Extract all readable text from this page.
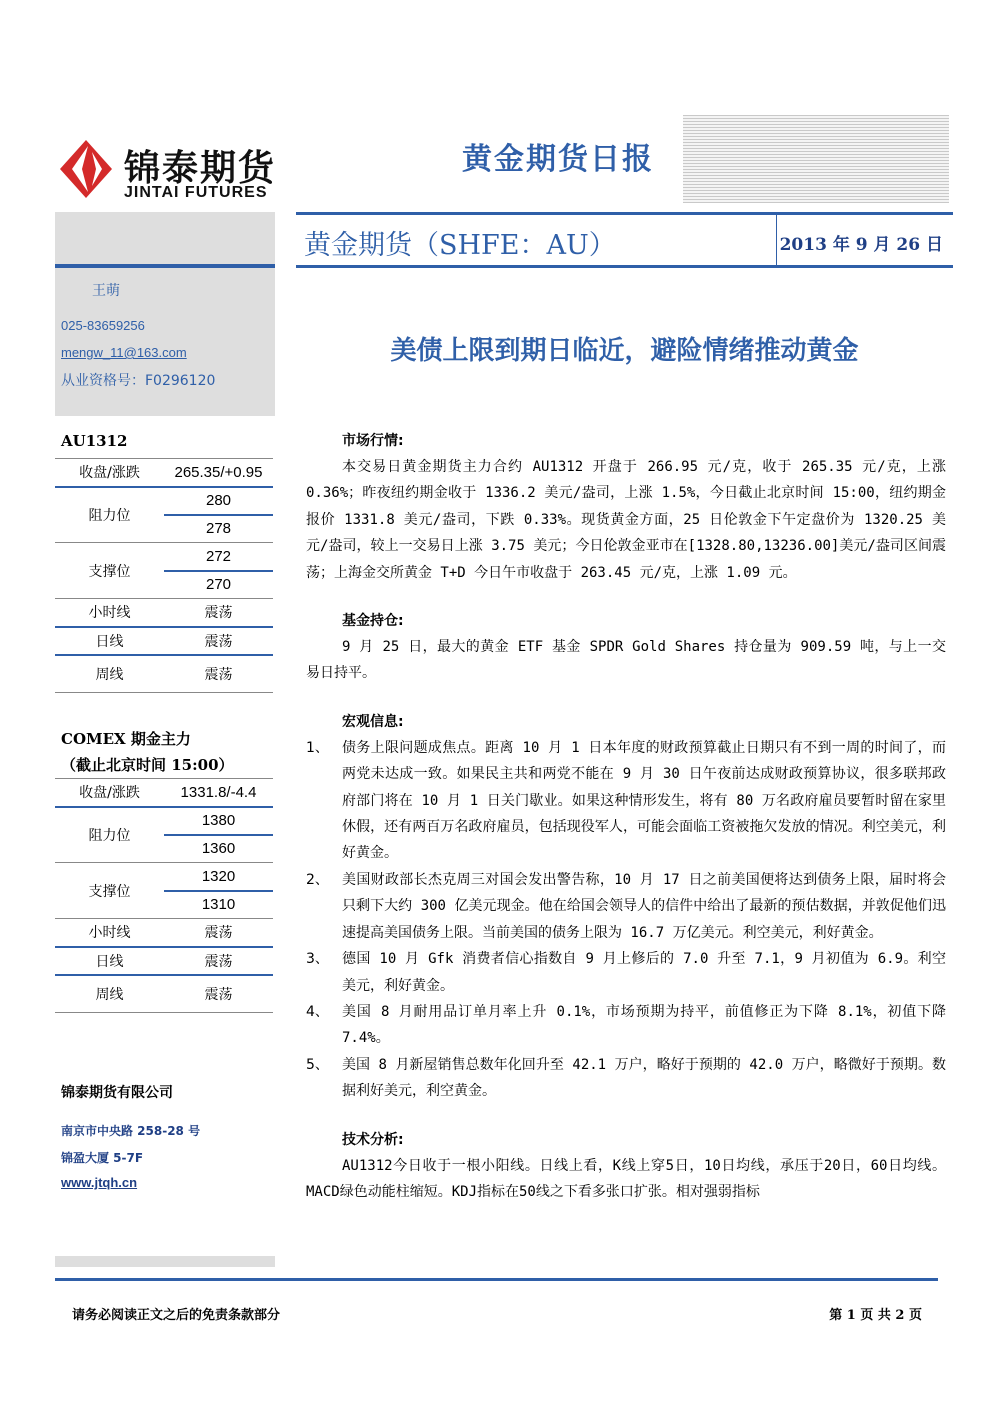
锦泰期货
JINTAI FUTURES
黄金期货日报
黄金期货（SHFE：AU）	2013 年 9 月 26 日
王萌
025-83659256
mengw_11@163.com
从业资格号：F0296120
AU1312
收盘/涨跌	265.35/+0.95
阻力位	280
	278
支撑位	272
	270
小时线	震荡
日线	震荡
周线	震荡
COMEX 期金主力
（截止北京时间 15:00）
收盘/涨跌	1331.8/-4.4
阻力位	1380
	1360
支撑位	1320
	1310
小时线	震荡
日线	震荡
周线	震荡
锦泰期货有限公司
南京市中央路 258-28 号
锦盈大厦 5-7F
www.jtqh.cn
美债上限到期日临近，避险情绪推动黄金
市场行情:
本交易日黄金期货主力合约 AU1312 开盘于 266.95 元/克，收于 265.35 元/克，上涨 0.36%；昨夜纽约期金收于 1336.2 美元/盎司，上涨 1.5%，今日截止北京时间 15:00，纽约期金报价 1331.8 美元/盎司，下跌 0.33%。现货黄金方面，25 日伦敦金下午定盘价为 1320.25 美元/盎司，较上一交易日上涨 3.75 美元；今日伦敦金亚市在[1328.80,13236.00]美元/盎司区间震荡；上海金交所黄金 T+D 今日午市收盘于 263.45 元/克，上涨 1.09 元。
基金持仓:
9 月 25 日，最大的黄金 ETF 基金 SPDR Gold Shares 持仓量为 909.59 吨，与上一交易日持平。
宏观信息:
1、 债务上限问题成焦点。距离 10 月 1 日本年度的财政预算截止日期只有不到一周的时间了，而两党未达成一致。如果民主共和两党不能在 9 月 30 日午夜前达成财政预算协议，很多联邦政府部门将在 10 月 1 日关门歇业。如果这种情形发生，将有 80 万名政府雇员要暂时留在家里休假，还有两百万名政府雇员，包括现役军人，可能会面临工资被拖欠发放的情况。利空美元，利好黄金。
2、 美国财政部长杰克周三对国会发出警告称，10 月 17 日之前美国便将达到债务上限，届时将会只剩下大约 300 亿美元现金。他在给国会领导人的信件中给出了最新的预估数据，并敦促他们迅速提高美国债务上限。当前美国的债务上限为 16.7 万亿美元。利空美元，利好黄金。
3、 德国 10 月 Gfk 消费者信心指数自 9 月上修后的 7.0 升至 7.1，9 月初值为 6.9。利空美元，利好黄金。
4、 美国 8 月耐用品订单月率上升 0.1%，市场预期为持平，前值修正为下降 8.1%，初值下降 7.4%。
5、 美国 8 月新屋销售总数年化回升至 42.1 万户，略好于预期的 42.0 万户，略微好于预期。数据利好美元，利空黄金。
技术分析:
AU1312今日收于一根小阳线。日线上看，K线上穿5日，10日均线，承压于20日，60日均线。MACD绿色动能柱缩短。KDJ指标在50线之下看多张口扩张。相对强弱指标
请务必阅读正文之后的免责条款部分	第 1 页 共 2 页
